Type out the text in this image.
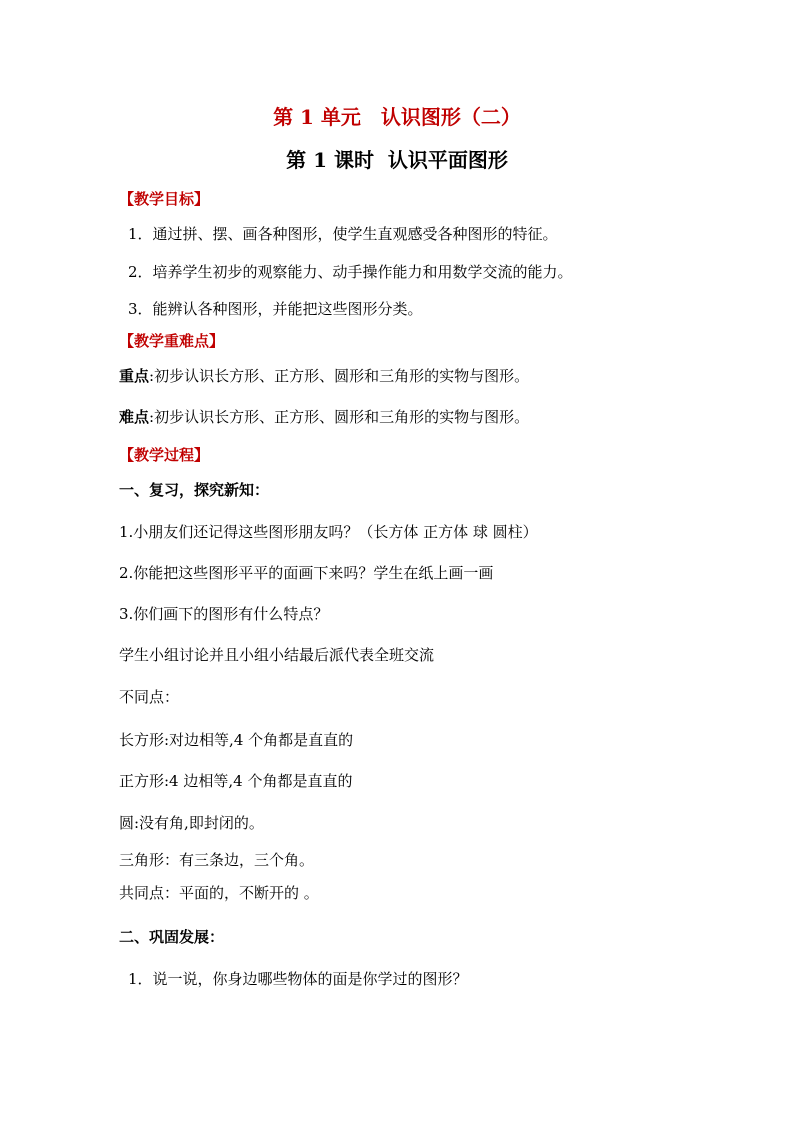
第 1 单元　认识图形（二）
第 1 课时  认识平面图形
【教学目标】
1．通过拼、摆、画各种图形，使学生直观感受各种图形的特征。
2．培养学生初步的观察能力、动手操作能力和用数学交流的能力。
3．能辨认各种图形，并能把这些图形分类。
【教学重难点】
重点:初步认识长方形、正方形、圆形和三角形的实物与图形。
难点:初步认识长方形、正方形、圆形和三角形的实物与图形。
【教学过程】
一、复习，探究新知：
1.小朋友们还记得这些图形朋友吗？（长方体 正方体 球 圆柱）
2.你能把这些图形平平的面画下来吗？学生在纸上画一画
3.你们画下的图形有什么特点？
学生小组讨论并且小组小结最后派代表全班交流
不同点：
长方形:对边相等,4 个角都是直直的
正方形:4 边相等,4 个角都是直直的
圆:没有角,即封闭的。
三角形：有三条边，三个角。
共同点：平面的，不断开的 。
二、巩固发展：
1．说一说，你身边哪些物体的面是你学过的图形？
